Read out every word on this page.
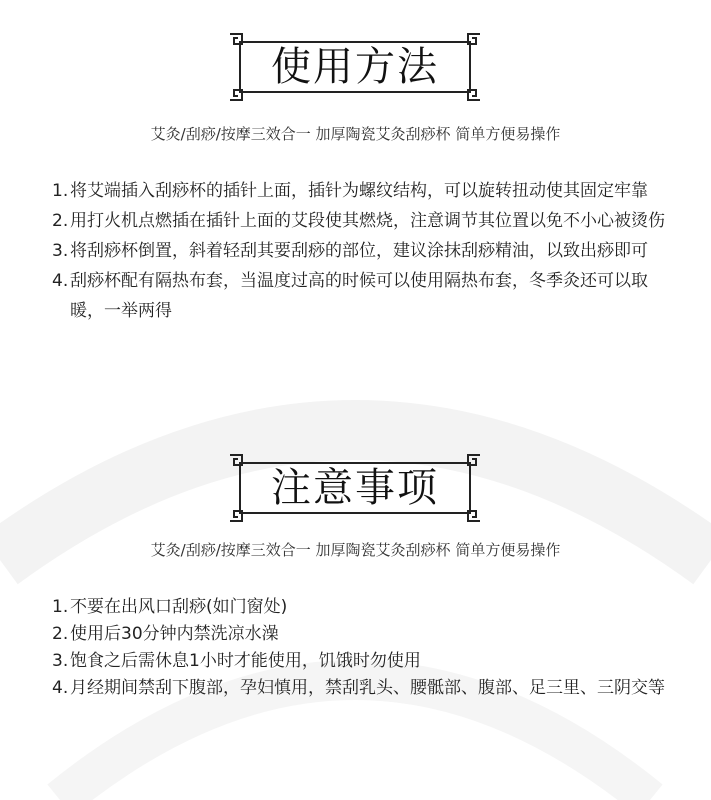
使用方法
艾灸/刮痧/按摩三效合一 加厚陶瓷艾灸刮痧杯 简单方便易操作
1. 将艾端插入刮痧杯的插针上面，插针为螺纹结构，可以旋转扭动使其固定牢靠
2. 用打火机点燃插在插针上面的艾段使其燃烧，注意调节其位置以免不小心被烫伤
3. 将刮痧杯倒置，斜着轻刮其要刮痧的部位，建议涂抹刮痧精油，以致出痧即可
4. 刮痧杯配有隔热布套，当温度过高的时候可以使用隔热布套，冬季灸还可以取暖，一举两得
注意事项
艾灸/刮痧/按摩三效合一 加厚陶瓷艾灸刮痧杯 简单方便易操作
1. 不要在出风口刮痧(如门窗处)
2. 使用后30分钟内禁洗凉水澡
3. 饱食之后需休息1小时才能使用，饥饿时勿使用
4. 月经期间禁刮下腹部，孕妇慎用，禁刮乳头、腰骶部、腹部、足三里、三阴交等
